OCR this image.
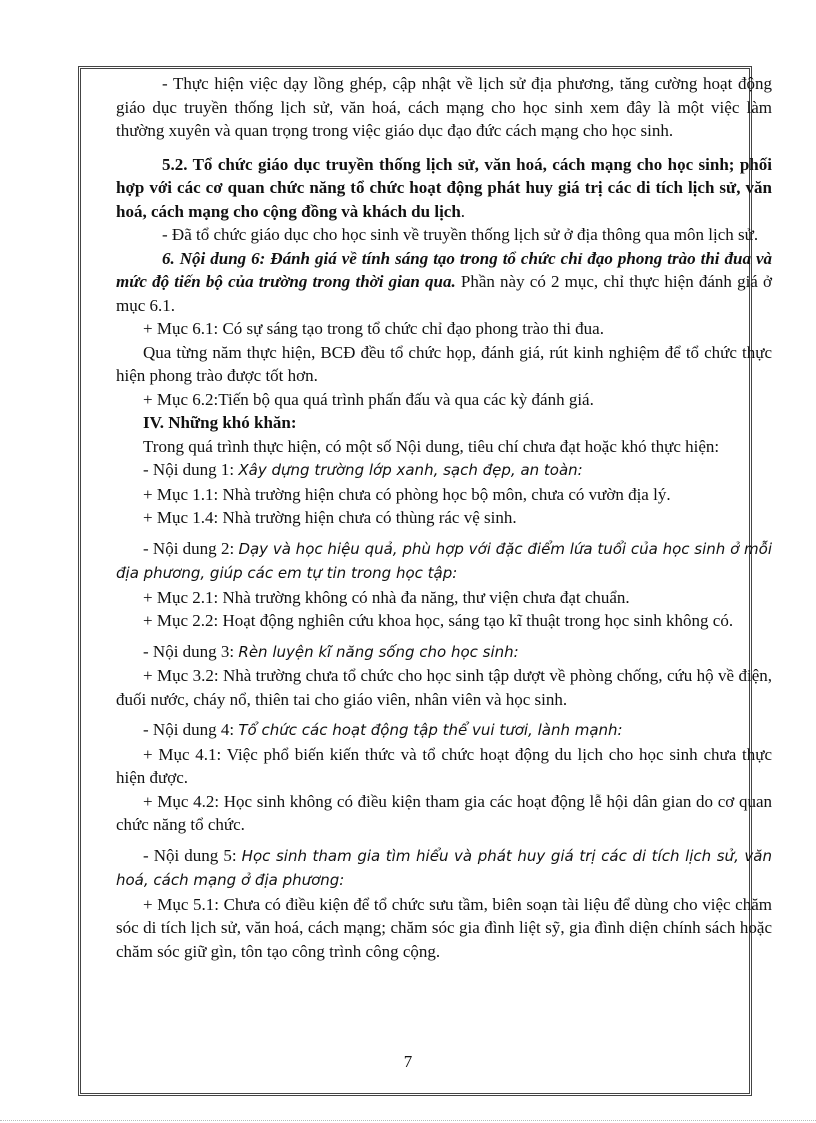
- Thực hiện việc dạy lồng ghép, cập nhật về lịch sử địa phương, tăng cường hoạt động giáo dục truyền thống lịch sử, văn hoá, cách mạng cho học sinh xem đây là một việc làm thường xuyên và quan trọng trong việc giáo dục đạo đức cách mạng cho học sinh.

5.2. Tổ chức giáo dục truyền thống lịch sử, văn hoá, cách mạng cho học sinh; phối hợp với các cơ quan chức năng tổ chức hoạt động phát huy giá trị các di tích lịch sử, văn hoá, cách mạng cho cộng đồng và khách du lịch.

- Đã tổ chức giáo dục cho học sinh về truyền thống lịch sử ở địa thông qua môn lịch sử.

6. Nội dung 6: Đánh giá về tính sáng tạo trong tổ chức chỉ đạo phong trào thi đua và mức độ tiến bộ của trường trong thời gian qua. Phần này có 2 mục, chỉ thực hiện đánh giá ở mục 6.1.

+ Mục 6.1: Có sự sáng tạo trong tổ chức chỉ đạo phong trào thi đua.

Qua từng năm thực hiện, BCĐ đều tổ chức họp, đánh giá, rút kinh nghiệm để tổ chức thực hiện phong trào được tốt hơn.

+ Mục 6.2:Tiến bộ qua quá trình phấn đấu và qua các kỳ đánh giá.

IV. Những khó khăn:

Trong quá trình thực hiện, có một số Nội dung, tiêu chí chưa đạt hoặc khó thực hiện:

- Nội dung 1: Xây dựng trường lớp xanh, sạch đẹp, an toàn:

+ Mục 1.1: Nhà trường hiện chưa có phòng học bộ môn, chưa có vườn địa lý.

+ Mục 1.4: Nhà trường hiện chưa có thùng rác vệ sinh.

- Nội dung 2: Dạy và học hiệu quả, phù hợp với đặc điểm lứa tuổi của học sinh ở mỗi địa phương, giúp các em tự tin trong học tập:

+ Mục 2.1: Nhà trường không có nhà đa năng, thư viện chưa đạt chuẩn.

+ Mục 2.2: Hoạt động nghiên cứu khoa học, sáng tạo kĩ thuật trong học sinh không có.

- Nội dung 3: Rèn luyện kĩ năng sống cho học sinh:

+ Mục 3.2: Nhà trường chưa tổ chức cho học sinh tập dượt về phòng chống, cứu hộ về điện, đuối nước, cháy nổ, thiên tai cho giáo viên, nhân viên và học sinh.

- Nội dung 4: Tổ chức các hoạt động tập thể vui tươi, lành mạnh:

+ Mục 4.1: Việc phổ biến kiến thức và tổ chức hoạt động du lịch cho học sinh chưa thực hiện được.

+ Mục 4.2: Học sinh không có điều kiện tham gia các hoạt động lễ hội dân gian do cơ quan chức năng tổ chức.

- Nội dung 5: Học sinh tham gia tìm hiểu và phát huy giá trị các di tích lịch sử, văn hoá, cách mạng ở địa phương:

+ Mục 5.1: Chưa có điều kiện để tổ chức sưu tầm, biên soạn tài liệu để dùng cho việc chăm sóc di tích lịch sử, văn hoá, cách mạng; chăm sóc gia đình liệt sỹ, gia đình diện chính sách hoặc chăm sóc giữ gìn, tôn tạo công trình công cộng.

7
